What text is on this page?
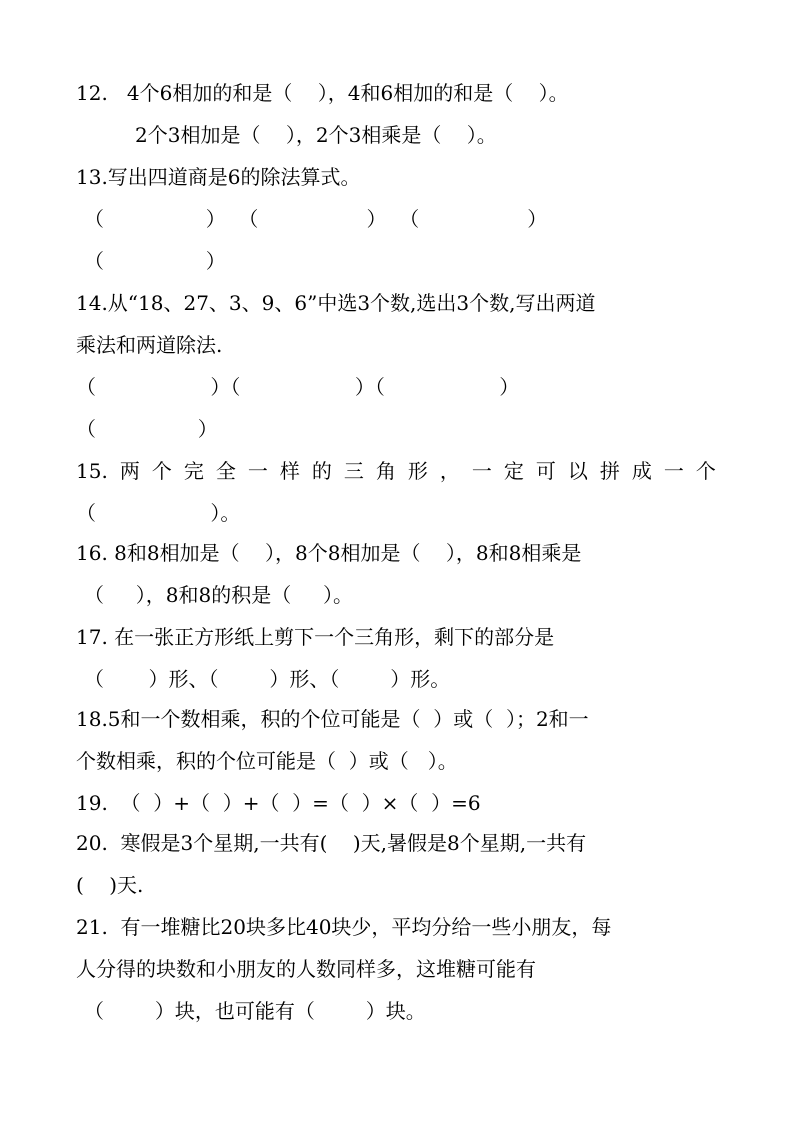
12.   4个6相加的和是（    ），4和6相加的和是（    ）。
2个3相加是（    ），2个3相乘是（    ）。
13.写出四道商是6的除法算式。
（                ）  （                 ）  （                 ）
（                ）
14.从“18、27、3、9、6”中选3个数,选出3个数,写出两道
乘法和两道除法.
（                  ）（                  ）（                  ）
（                ）
15. 两 个 完 全 一 样 的 三 角 形 ， 一 定 可 以 拼 成 一 个
（                  ）。
16. 8和8相加是（    ），8个8相加是（    ），8和8相乘是
（     ），8和8的积是（     ）。
17. 在一张正方形纸上剪下一个三角形，剩下的部分是
（       ）形、（        ）形、（        ）形。
18.5和一个数相乘，积的个位可能是（  ）或（  ）；2和一
个数相乘，积的个位可能是（  ）或（   ）。
19.  （  ）+（  ）+（  ）=（  ）×（  ）=6
20.  寒假是3个星期,一共有(    )天,暑假是8个星期,一共有
(    )天.
21.  有一堆糖比20块多比40块少，平均分给一些小朋友，每
人分得的块数和小朋友的人数同样多，这堆糖可能有
（        ）块，也可能有（        ）块。
